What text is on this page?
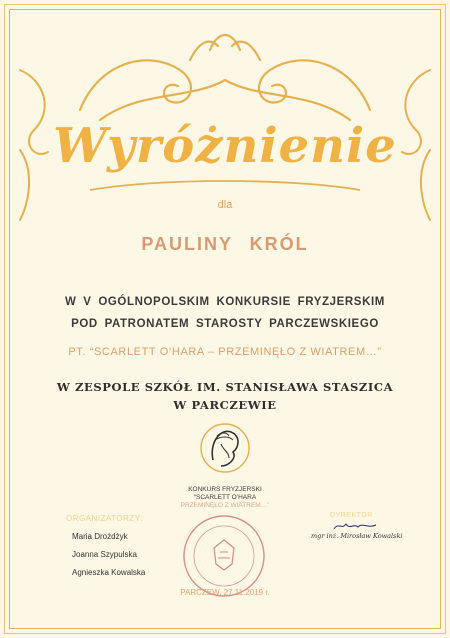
Wyróżnienie
dla
PAULINY KRÓL
W V OGÓLNOPOLSKIM KONKURSIE FRYZJERSKIM
POD PATRONATEM STAROSTY PARCZEWSKIEGO
PT. “SCARLETT O’HARA – PRZEMINĘŁO Z WIATREM…”
W ZESPOLE SZKÓŁ IM. STANISŁAWA STASZICA
W PARCZEWIE
KONKURS FRYZJERSKI
“SCARLETT O’HARA
PRZEMINĘŁO Z WIATREM…”
ORGANIZATORZY:
Maria Drożdżyk
Joanna Szypulska
Agnieszka Kowalska
DYREKTOR
mgr inż. Mirosław Kowalski
PARCZEW, 27.11.2019 r.
